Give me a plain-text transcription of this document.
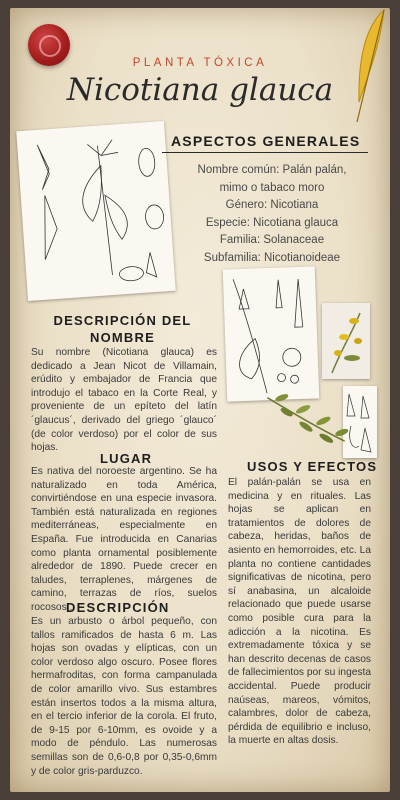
PLANTA TÓXICA
Nicotiana glauca
ASPECTOS GENERALES
Nombre común: Palán palán,
mimo o tabaco moro
Género: Nicotiana
Especie: Nicotiana glauca
Familia: Solanaceae
Subfamilia: Nicotianoideae
DESCRIPCIÓN DEL
NOMBRE
Su nombre (Nicotiana glauca) es dedicado a Jean Nicot de Villamain, erúdito y embajador de Francia que introdujo el tabaco en la Corte Real, y proveniente de un epíteto del latín ´glaucus´, derivado del griego ´glauco´ (de color verdoso) por el color de sus hojas.
LUGAR
Es nativa del noroeste argentino. Se ha naturalizado en toda América, convirtiéndose en una especie invasora. También está naturalizada en regiones mediterráneas, especialmente en España. Fue introducida en Canarias como planta ornamental posiblemente alrededor de 1890. Puede crecer en taludes, terraplenes, márgenes de camino, terrazas de ríos, suelos rocosos...
DESCRIPCIÓN
Es un arbusto o árbol pequeño, con tallos ramificados de hasta 6 m. Las hojas son ovadas y elípticas, con un color verdoso algo oscuro. Posee flores hermafroditas, con forma campanulada de color amarillo vivo. Sus estambres están insertos todos a la misma altura, en el tercio inferior de la corola. El fruto, de 9-15 por 6-10mm, es ovoide y a modo de péndulo. Las numerosas semillas son de 0,6-0,8 por 0,35-0,6mm y de color gris-parduzco.
USOS Y EFECTOS
El palán-palán se usa en medicina y en rituales. Las hojas se aplican en tratamientos de dolores de cabeza, heridas, baños de asiento en hemorroides, etc. La planta no contiene cantidades significativas de nicotina, pero sí anabasina, un alcaloide relacionado que puede usarse como posible cura para la adicción a la nicotina. Es extremadamente tóxica y se han descrito decenas de casos de fallecimientos por su ingesta accidental. Puede producir naúseas, mareos, vómitos, calambres, dolor de cabeza, pérdida de equilibrio e incluso, la muerte en altas dosis.
